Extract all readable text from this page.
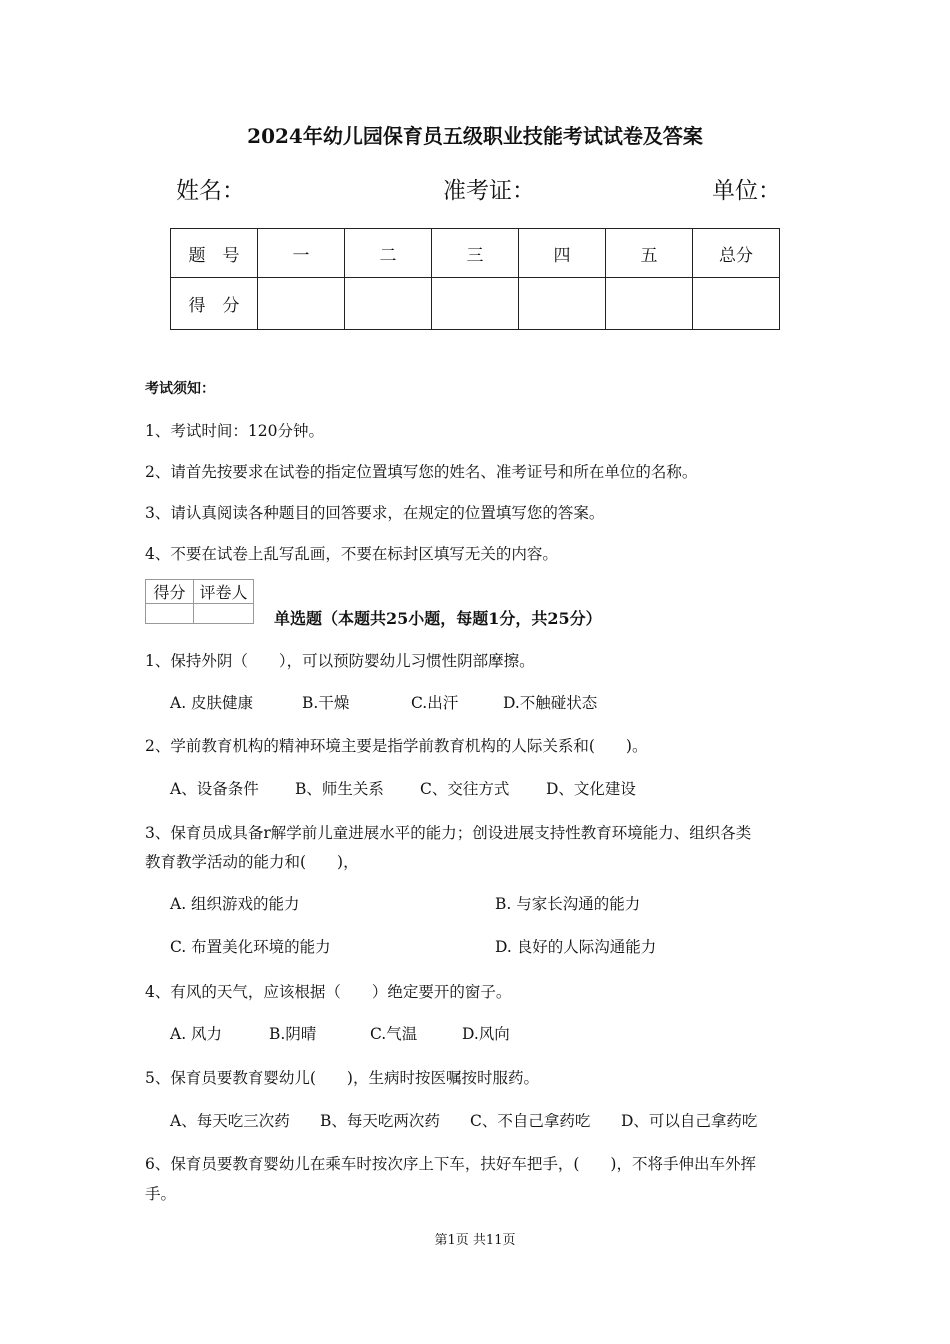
2024年幼儿园保育员五级职业技能考试试卷及答案
姓名：	准考证：	单位：
题　号	一	二	三	四	五	总分
得　分						
考试须知：
1、考试时间：120分钟。
2、请首先按要求在试卷的指定位置填写您的姓名、准考证号和所在单位的名称。
3、请认真阅读各种题目的回答要求，在规定的位置填写您的答案。
4、不要在试卷上乱写乱画，不要在标封区填写无关的内容。
得分	评卷人

单选题（本题共25小题，每题1分，共25分）
1、保持外阴（　　），可以预防婴幼儿习惯性阴部摩擦。
A. 皮肤健康	B.干燥	C.出汗	D.不触碰状态
2、学前教育机构的精神环境主要是指学前教育机构的人际关系和(　　)。
A、设备条件 B、师生关系 C、交往方式 D、文化建设
3、保育员成具备r解学前儿童进展水平的能力；创设进展支持性教育环境能力、组织各类
教育教学活动的能力和(　　)，
A. 组织游戏的能力	B. 与家长沟通的能力
C. 布置美化环境的能力	D. 良好的人际沟通能力
4、有风的天气，应该根据（　　）绝定要开的窗子。
A. 风力	B.阴晴	C.气温	D.风向
5、保育员要教育婴幼儿(　　)，生病时按医嘱按时服药。
A、每天吃三次药 B、每天吃两次药 C、不自己拿药吃 D、可以自己拿药吃
6、保育员要教育婴幼儿在乘车时按次序上下车，扶好车把手，(　　)，不将手伸出车外挥
手。
第1页 共11页
